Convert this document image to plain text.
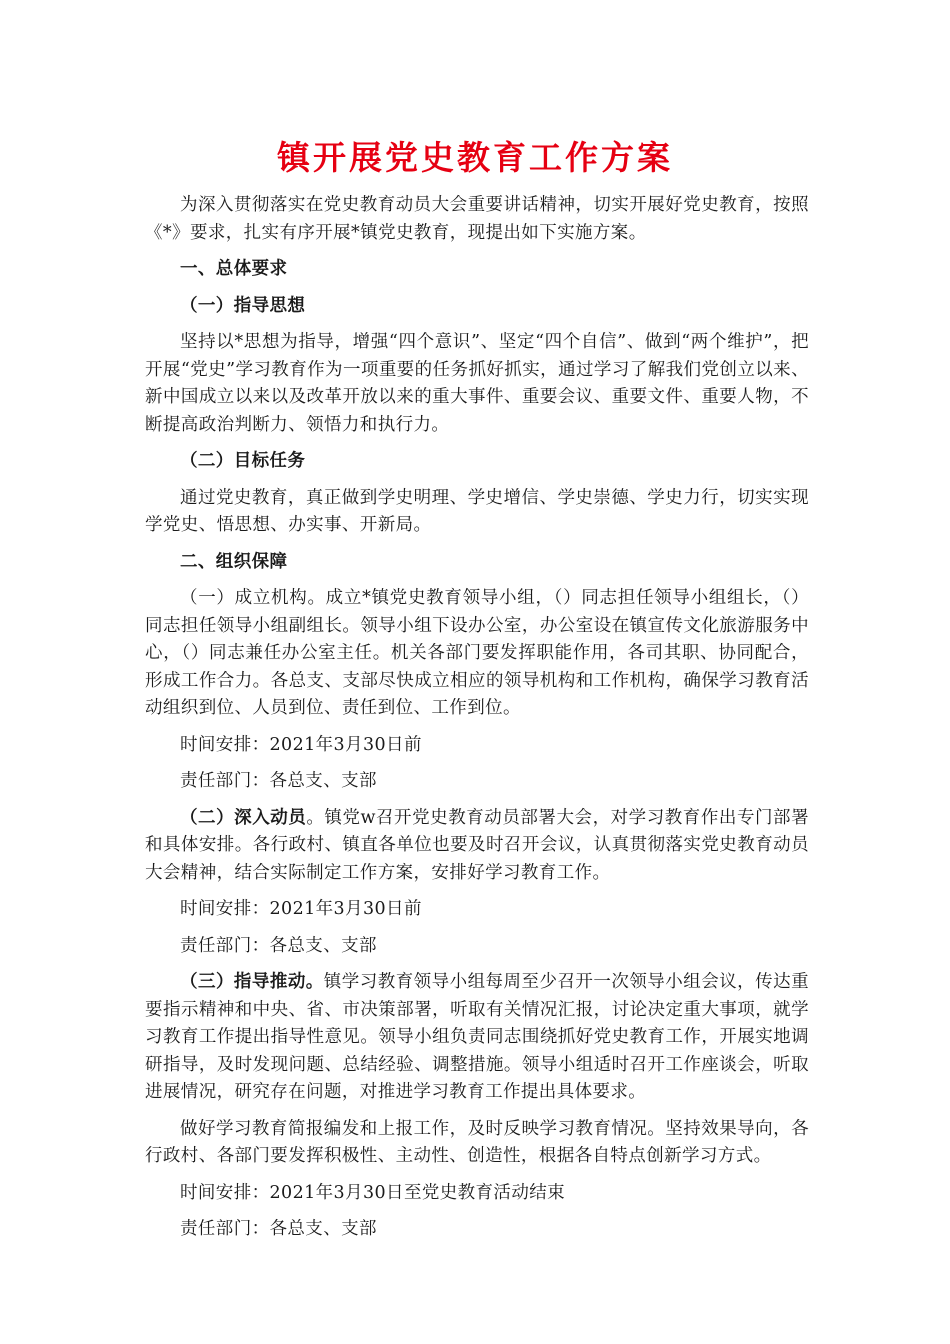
镇开展党史教育工作方案

为深入贯彻落实在党史教育动员大会重要讲话精神，切实开展好党史教育，按照《*》要求，扎实有序开展*镇党史教育，现提出如下实施方案。

一、总体要求

（一）指导思想

坚持以*思想为指导，增强“四个意识”、坚定“四个自信”、做到“两个维护”，把开展“党史”学习教育作为一项重要的任务抓好抓实，通过学习了解我们党创立以来、新中国成立以来以及改革开放以来的重大事件、重要会议、重要文件、重要人物，不断提高政治判断力、领悟力和执行力。

（二）目标任务

通过党史教育，真正做到学史明理、学史增信、学史崇德、学史力行，切实实现学党史、悟思想、办实事、开新局。

二、组织保障

（一）成立机构。成立*镇党史教育领导小组，（）同志担任领导小组组长，（）同志担任领导小组副组长。领导小组下设办公室，办公室设在镇宣传文化旅游服务中心，（）同志兼任办公室主任。机关各部门要发挥职能作用，各司其职、协同配合，形成工作合力。各总支、支部尽快成立相应的领导机构和工作机构，确保学习教育活动组织到位、人员到位、责任到位、工作到位。

时间安排：2021年3月30日前

责任部门：各总支、支部

（二）深入动员。镇党w召开党史教育动员部署大会，对学习教育作出专门部署和具体安排。各行政村、镇直各单位也要及时召开会议，认真贯彻落实党史教育动员大会精神，结合实际制定工作方案，安排好学习教育工作。

时间安排：2021年3月30日前

责任部门：各总支、支部

（三）指导推动。镇学习教育领导小组每周至少召开一次领导小组会议，传达重要指示精神和中央、省、市决策部署，听取有关情况汇报，讨论决定重大事项，就学习教育工作提出指导性意见。领导小组负责同志围绕抓好党史教育工作，开展实地调研指导，及时发现问题、总结经验、调整措施。领导小组适时召开工作座谈会，听取进展情况，研究存在问题，对推进学习教育工作提出具体要求。

做好学习教育简报编发和上报工作，及时反映学习教育情况。坚持效果导向，各行政村、各部门要发挥积极性、主动性、创造性，根据各自特点创新学习方式。

时间安排：2021年3月30日至党史教育活动结束

责任部门：各总支、支部
